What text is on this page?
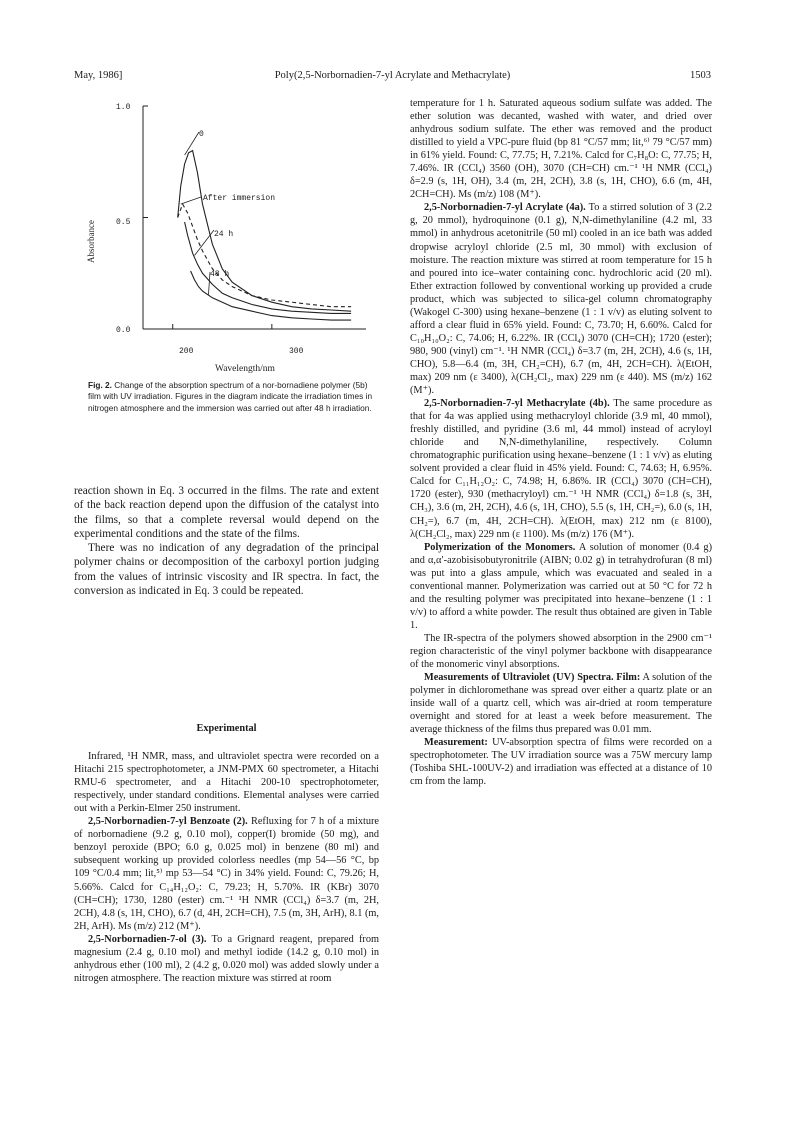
May, 1986]	Poly(2,5-Norbornadien-7-yl Acrylate and Methacrylate)	1503
1.0
0.5
0.0
200	300
Wavelength/nm
Absorbance
0
After immersion
24 h
48 h
Fig. 2. Change of the absorption spectrum of a nor-bornadiene polymer (5b) film with UV irradiation. Figures in the diagram indicate the irradiation times in nitrogen atmosphere and the immersion was carried out after 48 h irradiation.

reaction shown in Eq. 3 occurred in the films. The rate and extent of the back reaction depend upon the diffusion of the catalyst into the films, so that a complete reversal would depend on the experimental conditions and the state of the films.

There was no indication of any degradation of the principal polymer chains or decomposition of the carboxyl portion judging from the values of intrinsic viscosity and IR spectra. In fact, the conversion as indicated in Eq. 3 could be repeated.

Experimental

Infrared, ¹H NMR, mass, and ultraviolet spectra were recorded on a Hitachi 215 spectrophotometer, a JNM-PMX 60 spectrometer, a Hitachi RMU-6 spectrometer, and a Hitachi 200-10 spectrophotometer, respectively, under standard conditions. Elemental analyses were carried out with a Perkin-Elmer 250 instrument.

2,5-Norbornadien-7-yl Benzoate (2). Refluxing for 7 h of a mixture of norbornadiene (9.2 g, 0.10 mol), copper(I) bromide (50 mg), and benzoyl peroxide (BPO; 6.0 g, 0.025 mol) in benzene (80 ml) and subsequent working up provided colorless needles (mp 54—56 °C, bp 109 °C/0.4 mm; lit,⁵⁾ mp 53—54 °C) in 34% yield. Found: C, 79.26; H, 5.66%. Calcd for C₁₄H₁₂O₂: C, 79.23; H, 5.70%. IR (KBr) 3070 (CH=CH); 1730, 1280 (ester) cm.⁻¹ ¹H NMR (CCl₄) δ=3.7 (m, 2H, 2CH), 4.8 (s, 1H, CHO), 6.7 (d, 4H, 2CH=CH), 7.5 (m, 3H, ArH), 8.1 (m, 2H, ArH). Ms (m/z) 212 (M⁺).

2,5-Norbornadien-7-ol (3). To a Grignard reagent, prepared from magnesium (2.4 g, 0.10 mol) and methyl iodide (14.2 g, 0.10 mol) in anhydrous ether (100 ml), 2 (4.2 g, 0.020 mol) was added slowly under a nitrogen atmosphere. The reaction mixture was stirred at room

temperature for 1 h. Saturated aqueous sodium sulfate was added. The ether solution was decanted, washed with water, and dried over anhydrous sodium sulfate. The ether was removed and the product distilled to yield a VPC-pure fluid (bp 81 °C/57 mm; lit,⁶⁾ 79 °C/57 mm) in 61% yield. Found: C, 77.75; H, 7.21%. Calcd for C₇H₈O: C, 77.75; H, 7.46%. IR (CCl₄) 3560 (OH), 3070 (CH=CH) cm.⁻¹ ¹H NMR (CCl₄) δ=2.9 (s, 1H, OH), 3.4 (m, 2H, 2CH), 3.8 (s, 1H, CHO), 6.6 (m, 4H, 2CH=CH). Ms (m/z) 108 (M⁺).

2,5-Norbornadien-7-yl Acrylate (4a). To a stirred solution of 3 (2.2 g, 20 mmol), hydroquinone (0.1 g), N,N-dimethylaniline (4.2 ml, 33 mmol) in anhydrous acetonitrile (50 ml) cooled in an ice bath was added dropwise acryloyl chloride (2.5 ml, 30 mmol) with exclusion of moisture. The reaction mixture was stirred at room temperature for 15 h and poured into ice–water containing conc. hydrochloric acid (20 ml). Ether extraction followed by conventional working up provided a crude product, which was subjected to silica-gel column chromatography (Wakogel C-300) using hexane–benzene (1 : 1 v/v) as eluting solvent to afford a clear fluid in 65% yield. Found: C, 73.70; H, 6.60%. Calcd for C₁₀H₁₀O₂: C, 74.06; H, 6.22%. IR (CCl₄) 3070 (CH=CH); 1720 (ester); 980, 900 (vinyl) cm⁻¹. ¹H NMR (CCl₄) δ=3.7 (m, 2H, 2CH), 4.6 (s, 1H, CHO), 5.8—6.4 (m, 3H, CH₂=CH), 6.7 (m, 4H, 2CH=CH). λ(EtOH, max) 209 nm (ε 3400), λ(CH₂Cl₂, max) 229 nm (ε 440). MS (m/z) 162 (M⁺).

2,5-Norbornadien-7-yl Methacrylate (4b). The same procedure as that for 4a was applied using methacryloyl chloride (3.9 ml, 40 mmol), freshly distilled, and pyridine (3.6 ml, 44 mmol) instead of acryloyl chloride and N,N-dimethylaniline, respectively. Column chromatographic purification using hexane–benzene (1 : 1 v/v) as eluting solvent provided a clear fluid in 45% yield. Found: C, 74.63; H, 6.95%. Calcd for C₁₁H₁₂O₂: C, 74.98; H, 6.86%. IR (CCl₄) 3070 (CH=CH), 1720 (ester), 930 (methacryloyl) cm.⁻¹ ¹H NMR (CCl₄) δ=1.8 (s, 3H, CH₃), 3.6 (m, 2H, 2CH), 4.6 (s, 1H, CHO), 5.5 (s, 1H, CH₂=), 6.0 (s, 1H, CH₂=), 6.7 (m, 4H, 2CH=CH). λ(EtOH, max) 212 nm (ε 8100), λ(CH₂Cl₂, max) 229 nm (ε 1100). Ms (m/z) 176 (M⁺).

Polymerization of the Monomers. A solution of monomer (0.4 g) and α,α′-azobisisobutyronitrile (AIBN; 0.02 g) in tetrahydrofuran (8 ml) was put into a glass ampule, which was evacuated and sealed in a conventional manner. Polymerization was carried out at 50 °C for 72 h and the resulting polymer was precipitated into hexane–benzene (1 : 1 v/v) to afford a white powder. The result thus obtained are given in Table 1.

The IR-spectra of the polymers showed absorption in the 2900 cm⁻¹ region characteristic of the vinyl polymer backbone with disappearance of the monomeric vinyl absorptions.

Measurements of Ultraviolet (UV) Spectra. Film: A solution of the polymer in dichloromethane was spread over either a quartz plate or an inside wall of a quartz cell, which was air-dried at room temperature overnight and stored for at least a week before measurement. The average thickness of the films thus prepared was 0.01 mm.

Measurement: UV-absorption spectra of films were recorded on a spectrophotometer. The UV irradiation source was a 75W mercury lamp (Toshiba SHL-100UV-2) and irradiation was effected at a distance of 10 cm from the lamp.
